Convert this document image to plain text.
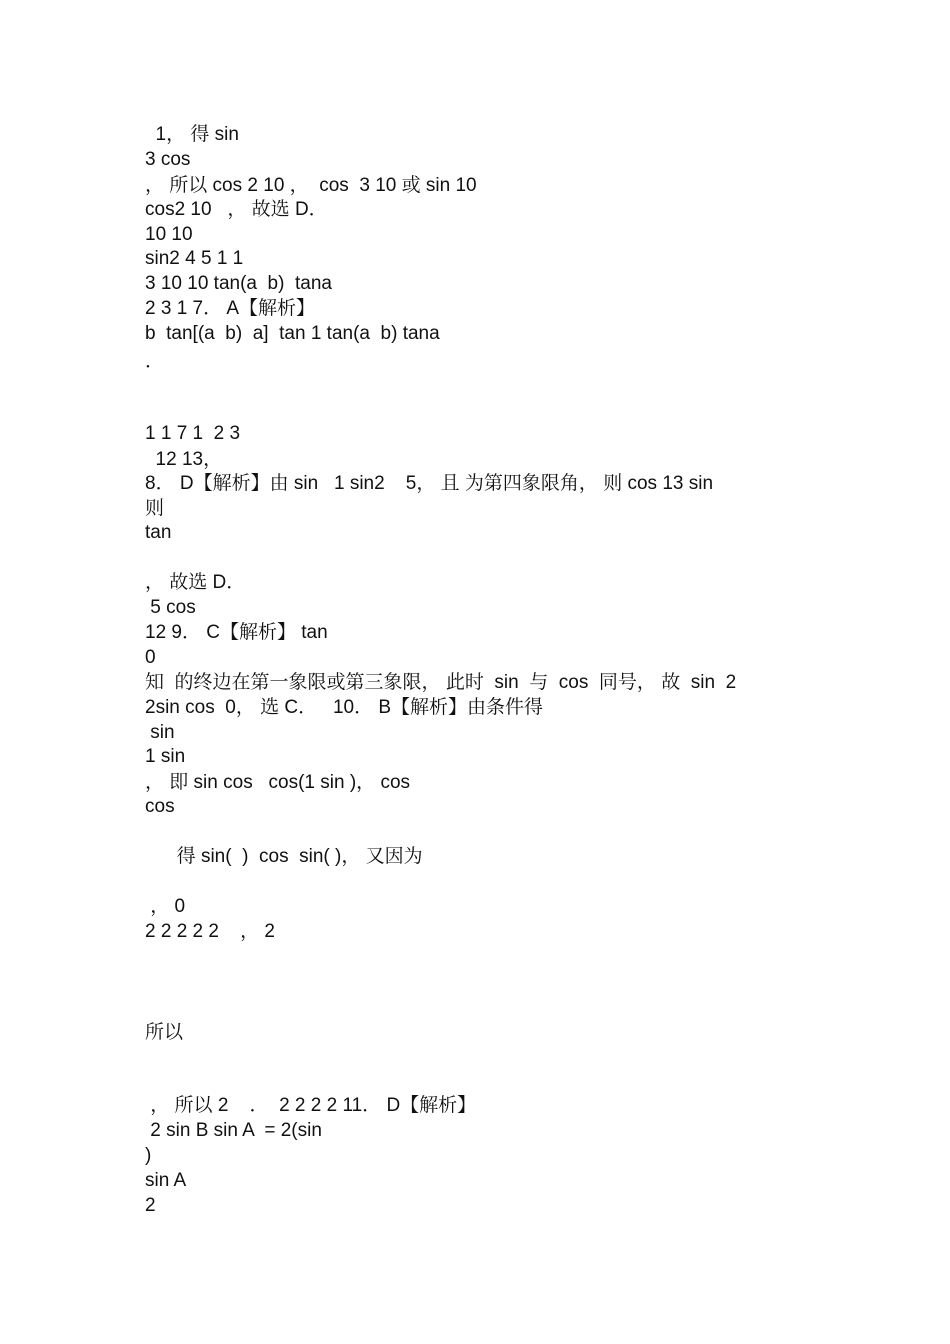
1， 得 sin
3 cos
， 所以 cos 2 10 ，  cos  3 10 或 sin 10
cos2 10   ， 故选 D．
10 10
sin2 4 5 1 1
3 10 10 tan(a  b)  tana
2 3 1 7． A【解析】
b  tan[(a  b)  a]  tan 1 tan(a  b) tana
．
1 1 7 1  2 3
12 13，
8． D【解析】由 sin   1 sin2    5， 且 为第四象限角， 则 cos 13 sin
则
tan
， 故选 D．
5 cos
12 9． C【解析】 tan
0
知  的终边在第一象限或第三象限， 此时  sin  与  cos  同号， 故  sin  2
2sin cos  0， 选 C．   10． B【解析】由条件得
sin
1 sin
， 即 sin cos   cos(1 sin )， cos
cos
得 sin(  )  cos  sin( )， 又因为
， 0
2 2 2 2 2    ， 2
所以
， 所以 2    ．  2 2 2 2 11． D【解析】
2 sin B sin A  = 2(sin
)
sin A
2
